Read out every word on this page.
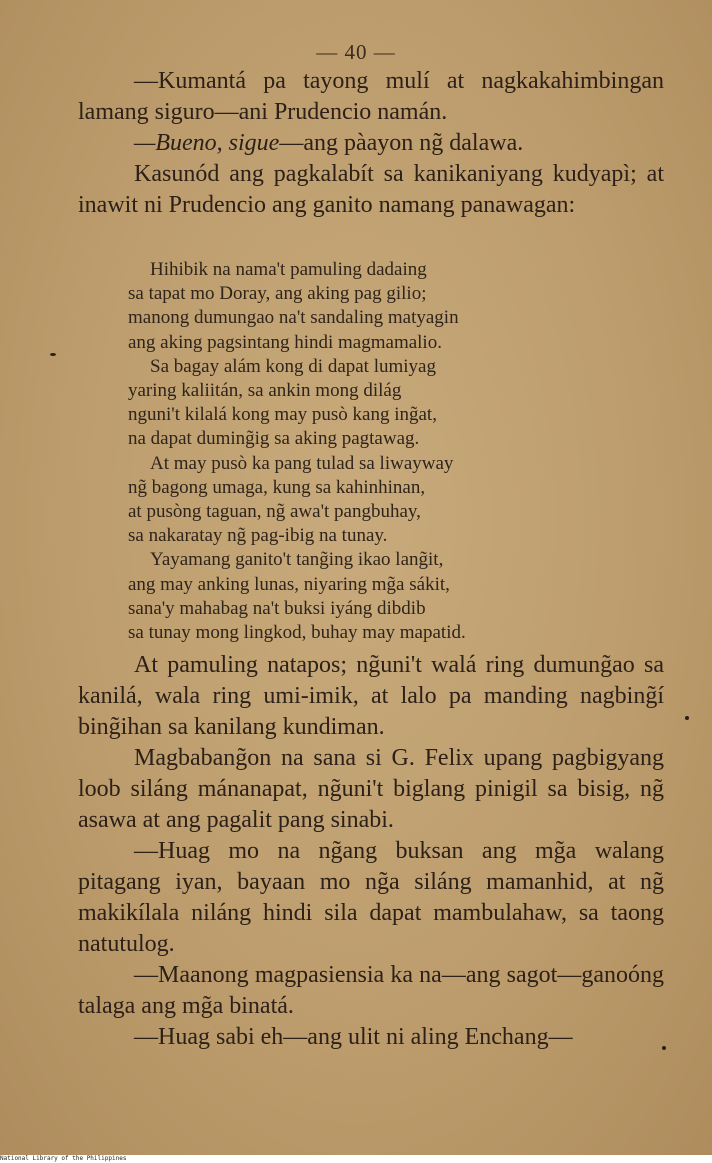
— 40 —

—Kumantá pa tayong mulí at nagkakahimbingan lamang siguro—ani Prudencio namán.

—Bueno, sigue—ang pàayon ng̃ dalawa.

Kasunód ang pagkalabít sa kanikaniyang kudyapì; at inawit ni Prudencio ang ganito namang panawagan:

Hihibik na nama't pamuling dadaing
sa tapat mo Doray, ang aking pag gilio;
manong dumungao na't sandaling matyagin
ang aking pagsintang hindi magmamalio.
Sa bagay alám kong di dapat lumiyag
yaring kaliitán, sa ankin mong dilág
nguni't kilalá kong may pusò kang ing̃at,
na dapat duming̃ig sa aking pagtawag.
At may pusò ka pang tulad sa liwayway
ng̃ bagong umaga, kung sa kahinhinan,
at pusòng taguan, ng̃ awa't pangbuhay,
sa nakaratay ng̃ pag-ibig na tunay.
Yayamang ganito't tang̃ing ikao lang̃it,
ang may anking lunas, niyaring mg̃a sákit,
sana'y mahabag na't buksi iyáng dibdib
sa tunay mong lingkod, buhay may mapatid.

At pamuling natapos; ng̃uni't walá ring dumung̃ao sa kanilá, wala ring umi-imik, at lalo pa manding nagbing̃í bing̃ihan sa kanilang kundiman.

Magbabang̃on na sana si G. Felix upang pagbigyang loob siláng mánanapat, ng̃uni't biglang pinigil sa bisig, ng̃ asawa at ang pagalit pang sinabi.

—Huag mo na ng̃ang buksan ang mg̃a walang pitagang iyan, bayaan mo ng̃a siláng mamanhid, at ng̃ makikílala niláng hindi sila dapat mambulahaw, sa taong natutulog.

—Maanong magpasiensia ka na—ang sagot—ganoóng talaga ang mg̃a binatá.

—Huag sabi eh—ang ulit ni aling Enchang—

National Library of the Philippines
